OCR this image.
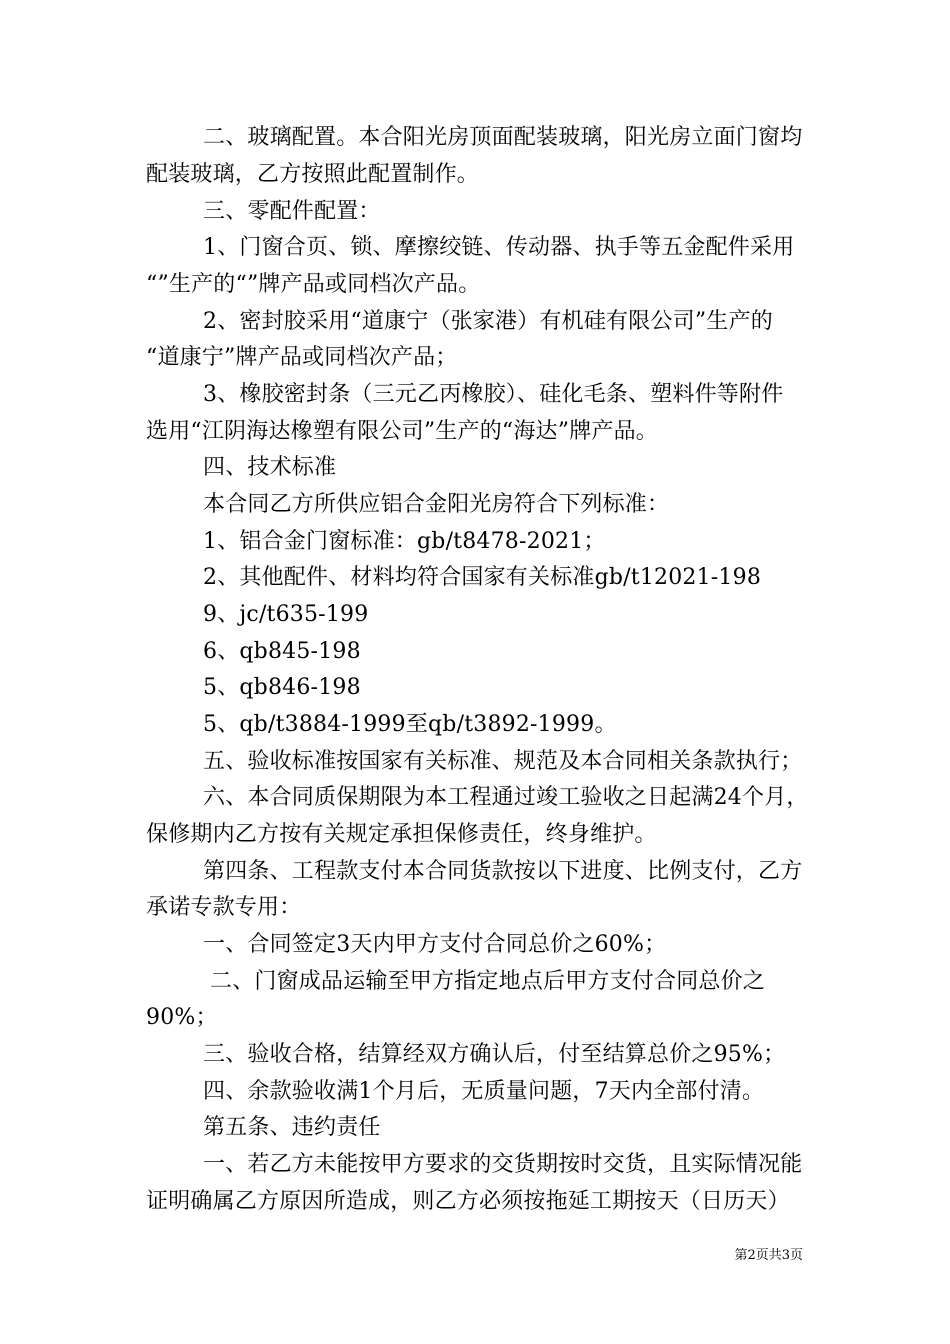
二、玻璃配置。本合阳光房顶面配装玻璃，阳光房立面门窗均
配装玻璃，乙方按照此配置制作。
三、零配件配置：
1、门窗合页、锁、摩擦绞链、传动器、执手等五金配件采用
“”生产的“”牌产品或同档次产品。
2、密封胶采用“道康宁（张家港）有机硅有限公司”生产的
“道康宁”牌产品或同档次产品；
3、橡胶密封条（三元乙丙橡胶）、硅化毛条、塑料件等附件
选用“江阴海达橡塑有限公司”生产的“海达”牌产品。
四、技术标准
本合同乙方所供应铝合金阳光房符合下列标准：
1、铝合金门窗标准：gb/t8478-2021；
2、其他配件、材料均符合国家有关标准gb/t12021-198
9、jc/t635-199
6、qb845-198
5、qb846-198
5、qb/t3884-1999至qb/t3892-1999。
五、验收标准按国家有关标准、规范及本合同相关条款执行；
六、本合同质保期限为本工程通过竣工验收之日起满24个月，
保修期内乙方按有关规定承担保修责任，终身维护。
第四条、工程款支付本合同货款按以下进度、比例支付，乙方
承诺专款专用：
一、合同签定3天内甲方支付合同总价之60%；
二、门窗成品运输至甲方指定地点后甲方支付合同总价之
90%；
三、验收合格，结算经双方确认后，付至结算总价之95%；
四、余款验收满1个月后，无质量问题，7天内全部付清。
第五条、违约责任
一、若乙方未能按甲方要求的交货期按时交货，且实际情况能
证明确属乙方原因所造成，则乙方必须按拖延工期按天（日历天）
第2页共3页
